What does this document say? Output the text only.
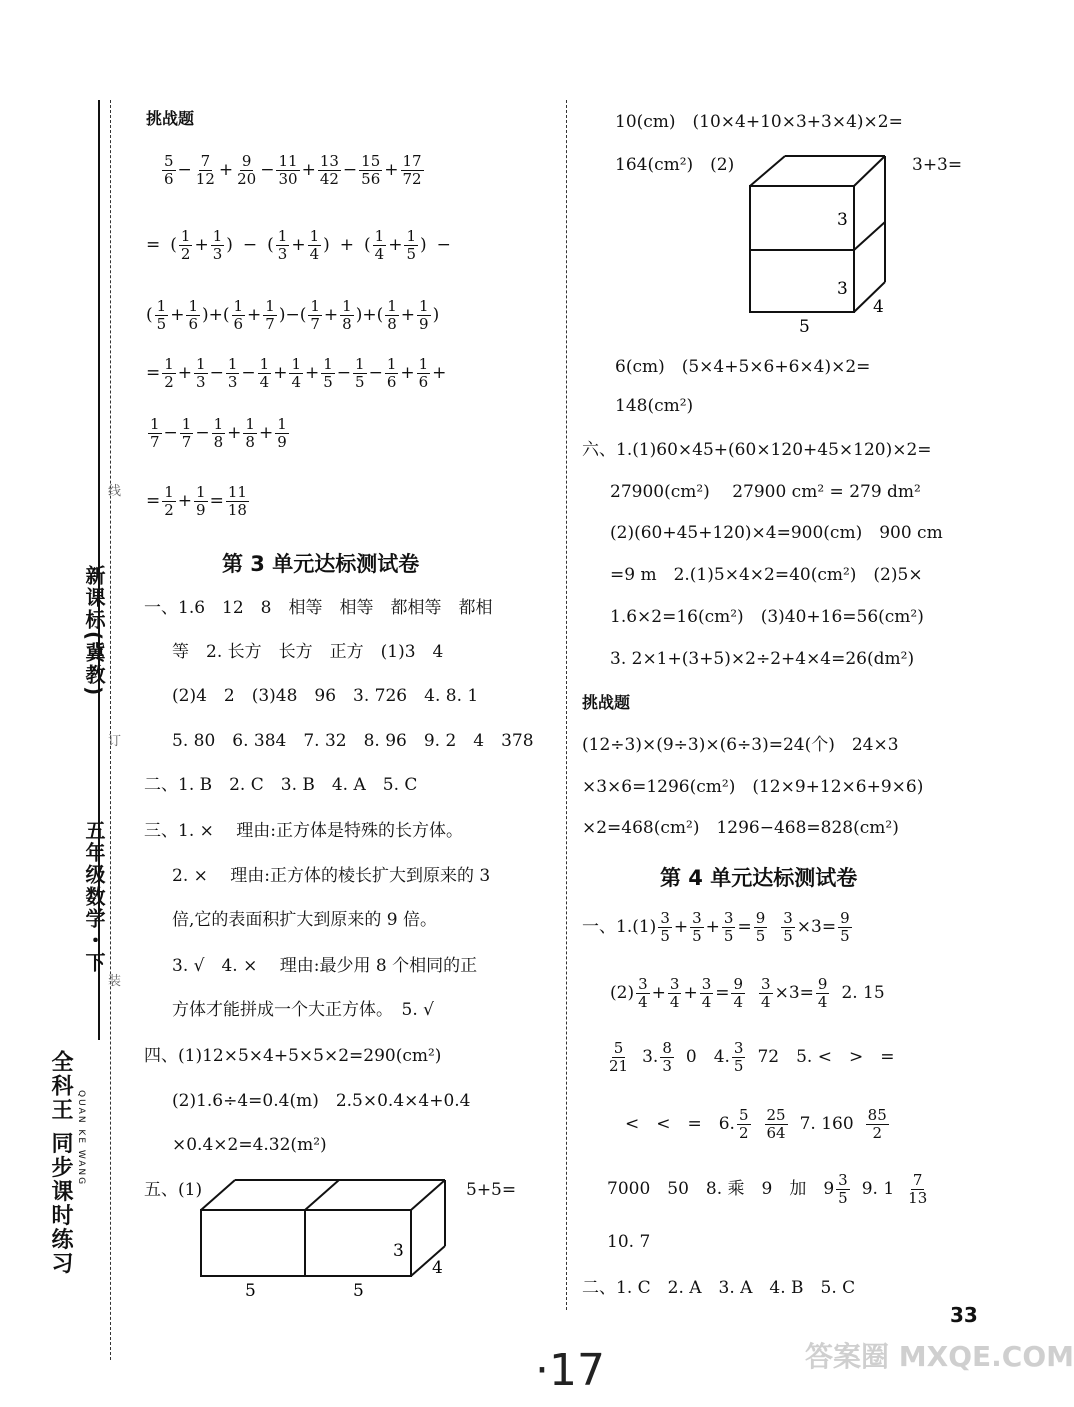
新课标(冀教)
五年级数学・下
线
订
装
全科王 同步课时练习 QUAN KE WANG
挑战题
$\frac{5}{6} - \frac{7}{12} + \frac{9}{20} - \frac{11}{30} + \frac{13}{42} - \frac{15}{56} + \frac{17}{72}$
= ( $\frac{1}{2} + \frac{1}{3}$ ) − ( $\frac{1}{3} + \frac{1}{4}$ ) + ( $\frac{1}{4} + \frac{1}{5}$ ) −
( $\frac{1}{5} + \frac{1}{6}$ )+( $\frac{1}{6} + \frac{1}{7}$ )−( $\frac{1}{7} + \frac{1}{8}$ )+( $\frac{1}{8} + \frac{1}{9}$ )
= $\frac{1}{2} + \frac{1}{3} - \frac{1}{3} - \frac{1}{4} + \frac{1}{4} + \frac{1}{5} - \frac{1}{5} - \frac{1}{6} + \frac{1}{6}$ +
$\frac{1}{7} - \frac{1}{7} - \frac{1}{8} + \frac{1}{8} + \frac{1}{9}$
= $\frac{1}{2} + \frac{1}{9} = \frac{11}{18}$
第 3 单元达标测试卷
一、1.6　12　8　相等　相等　都相等　都相
等　2. 长方　长方　正方　(1)3　4
(2)4　2　(3)48　96　3. 726　4. 8. 1
5. 80　6. 384　7. 32　8. 96　9. 2　4　378
二、1. B　2. C　3. B　4. A　5. C
三、1. ×　 理由:正方体是特殊的长方体。
2. ×　 理由:正方体的棱长扩大到原来的 3
倍,它的表面积扩大到原来的 9 倍。
3. √　4. ×　 理由:最少用 8 个相同的正
方体才能拼成一个大正方体。　5. √
四、(1)12×5×4+5×5×2=290(cm²)
(2)1.6÷4=0.4(m)　2.5×0.4×4+0.4
×0.4×2=4.32(m²)
五、(1)	5+5=
3
4
5	5
10(cm)　(10×4+10×3+3×4)×2=
164(cm²)　(2)	3+3=
3
3
4
5
6(cm)　(5×4+5×6+6×4)×2=
148(cm²)
六、1.(1)60×45+(60×120+45×120)×2=
27900(cm²)　 27900 cm² = 279 dm²
(2)(60+45+120)×4=900(cm)　900 cm
=9 m　2.(1)5×4×2=40(cm²)　(2)5×
1.6×2=16(cm²)　(3)40+16=56(cm²)
3. 2×1+(3+5)×2÷2+4×4=26(dm²)
挑战题
(12÷3)×(9÷3)×(6÷3)=24(个)　24×3
×3×6=1296(cm²)　(12×9+12×6+9×6)
×2=468(cm²)　1296−468=828(cm²)
第 4 单元达标测试卷
一、$1.(1) \frac{3}{5} + \frac{3}{5} + \frac{3}{5} = \frac{9}{5} \frac{3}{5} \times 3= \frac{9}{5}$
$(2) \frac{3}{4} + \frac{3}{4} + \frac{3}{4} = \frac{9}{4} \frac{3}{4} \times 3= \frac{9}{4} 2$. 15
$\frac{5}{21} 3$. $\frac{8}{3} 0$　4. $\frac{3}{5} 72$　5. <　>　=
<　<　=　6. $\frac{5}{2} \frac{25}{64} 7$. $160 \frac{85}{2}$
7000　50　8. 乘　9　加　$9 \frac{3}{5} 9$. $1 \frac{7}{13}$
10. 7
二、1. C　2. A　3. A　4. B　5. C
33
·17	答案圈 MXQE.COM
